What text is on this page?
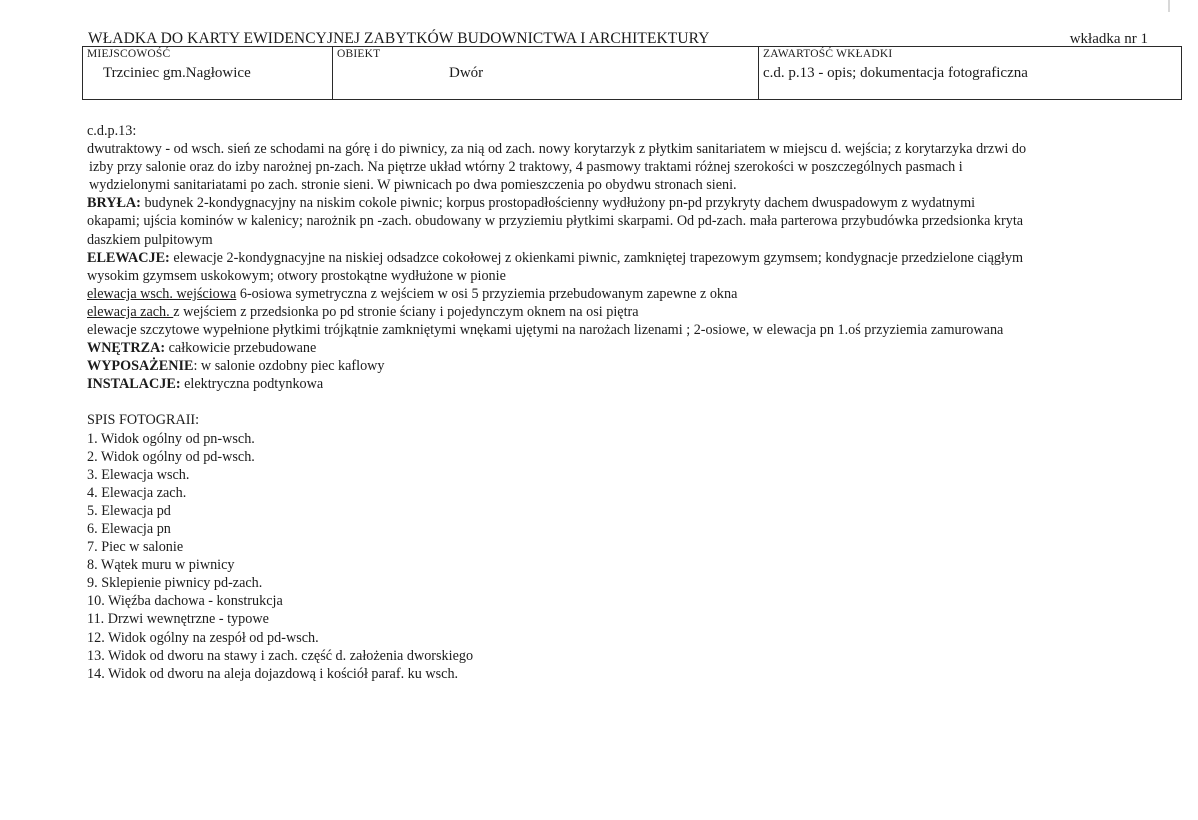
WŁADKA DO KARTY EWIDENCYJNEJ ZABYTKÓW BUDOWNICTWA I ARCHITEKTURY	wkładka nr 1
MIEJSCOWOŚĆ
Trzciniec gm.Nagłowice
OBIEKT
Dwór
ZAWARTOŚĆ WKŁADKI
c.d. p.13 - opis; dokumentacja fotograficzna

c.d.p.13:

dwutraktowy - od wsch. sień ze schodami na górę i do piwnicy, za nią od zach. nowy korytarzyk z płytkim sanitariatem w miejscu d. wejścia; z korytarzyka drzwi do

izby przy salonie oraz do izby narożnej pn-zach. Na piętrze układ wtórny 2 traktowy, 4 pasmowy traktami różnej szerokości w poszczególnych pasmach i

wydzielonymi sanitariatami po zach. stronie sieni. W piwnicach po dwa pomieszczenia po obydwu stronach sieni.

BRYŁA: budynek 2-kondygnacyjny na niskim cokole piwnic; korpus prostopadłościenny wydłużony pn-pd przykryty dachem dwuspadowym z wydatnymi

okapami; ujścia kominów w kalenicy; narożnik pn -zach. obudowany w przyziemiu płytkimi skarpami. Od pd-zach. mała parterowa przybudówka przedsionka kryta

daszkiem pulpitowym

ELEWACJE: elewacje 2-kondygnacyjne na niskiej odsadzce cokołowej z okienkami piwnic, zamkniętej trapezowym gzymsem; kondygnacje przedzielone ciągłym

wysokim gzymsem uskokowym; otwory prostokątne wydłużone w pionie

elewacja wsch. wejściowa 6-osiowa symetryczna z wejściem w osi 5 przyziemia przebudowanym zapewne z okna

elewacja zach. z wejściem z przedsionka po pd stronie ściany i pojedynczym oknem na osi piętra

elewacje szczytowe wypełnione płytkimi trójkątnie zamkniętymi wnękami ujętymi na narożach lizenami ; 2-osiowe, w elewacja pn 1.oś przyziemia zamurowana

WNĘTRZA: całkowicie przebudowane

WYPOSAŻENIE: w salonie ozdobny piec kaflowy

INSTALACJE: elektryczna podtynkowa

SPIS FOTOGRAII:

1. Widok ogólny od pn-wsch.
2. Widok ogólny od pd-wsch.
3. Elewacja wsch.
4. Elewacja zach.
5. Elewacja pd
6. Elewacja pn
7. Piec w salonie
8. Wątek muru w piwnicy
9. Sklepienie piwnicy pd-zach.
10. Więźba dachowa - konstrukcja
11. Drzwi wewnętrzne - typowe
12. Widok ogólny na zespół od pd-wsch.
13. Widok od dworu na stawy i zach. część d. założenia dworskiego
14. Widok od dworu na aleja dojazdową i kościół paraf. ku wsch.
